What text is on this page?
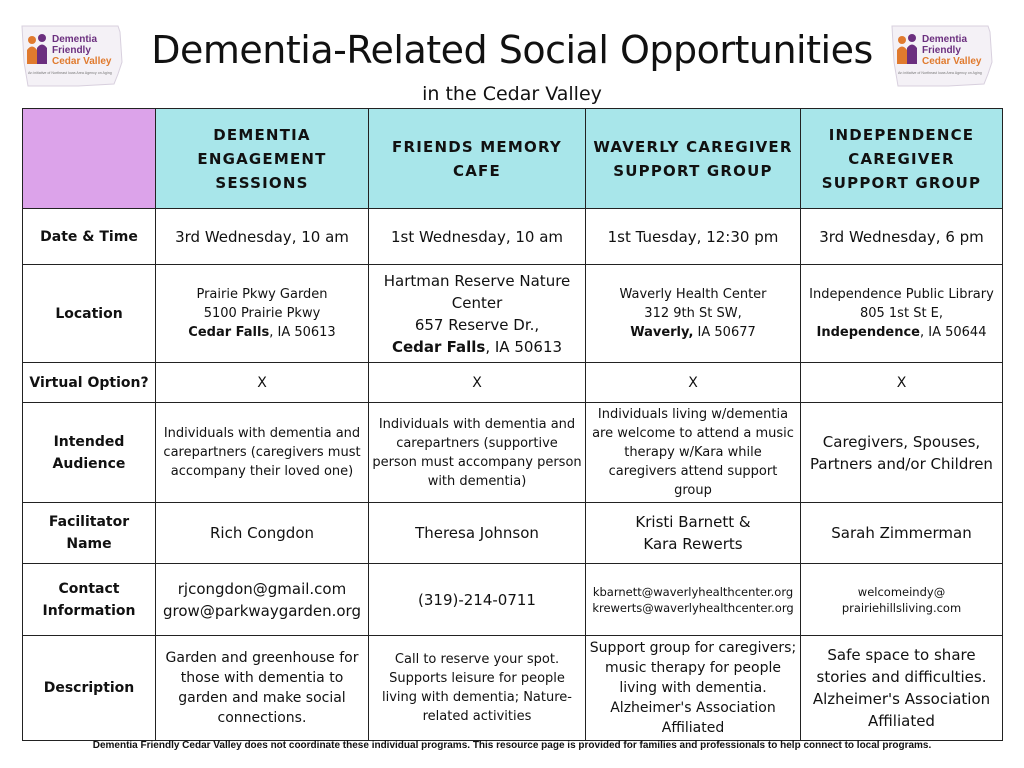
Dementia
Friendly
Cedar Valley
An initiative of Northeast Iowa Area Agency on Aging
Dementia
Friendly
Cedar Valley
An initiative of Northeast Iowa Area Agency on Aging
Dementia-Related Social Opportunities
in the Cedar Valley
	DEMENTIA ENGAGEMENT SESSIONS	FRIENDS MEMORY CAFE	WAVERLY CAREGIVER SUPPORT GROUP	INDEPENDENCE CAREGIVER SUPPORT GROUP
Date & Time	3rd Wednesday, 10 am	1st Wednesday, 10 am	1st Tuesday, 12:30 pm	3rd Wednesday, 6 pm
Location	Prairie Pkwy Garden
5100 Prairie Pkwy
Cedar Falls, IA 50613	Hartman Reserve Nature Center
657 Reserve Dr.,
Cedar Falls, IA 50613	Waverly Health Center
312 9th St SW,
Waverly, IA 50677	Independence Public Library
805 1st St E,
Independence, IA 50644

Virtual Option?	X	X	X	X
Intended Audience	Individuals with dementia and carepartners (caregivers must accompany their loved one)	Individuals with dementia and carepartners (supportive person must accompany person with dementia)	Individuals living w/dementia are welcome to attend a music therapy w/Kara while caregivers attend support group	Caregivers, Spouses, Partners and/or Children
Facilitator Name	Rich Congdon	Theresa Johnson	Kristi Barnett &
Kara Rewerts	Sarah Zimmerman

Contact Information	rjcongdon@gmail.com
grow@parkwaygarden.org	(319)-214-0711	kbarnett@waverlyhealthcenter.org
krewerts@waverlyhealthcenter.org	welcomeindy@
prairiehillsliving.com

Description	Garden and greenhouse for those with dementia to garden and make social connections.	Call to reserve your spot. Supports leisure for people living with dementia; Nature-related activities	Support group for caregivers; music therapy for people living with dementia. Alzheimer's Association Affiliated	Safe space to share stories and difficulties. Alzheimer's Association Affiliated
Dementia Friendly Cedar Valley does not coordinate these individual programs. This resource page is provided for families and professionals to help connect to local programs.
